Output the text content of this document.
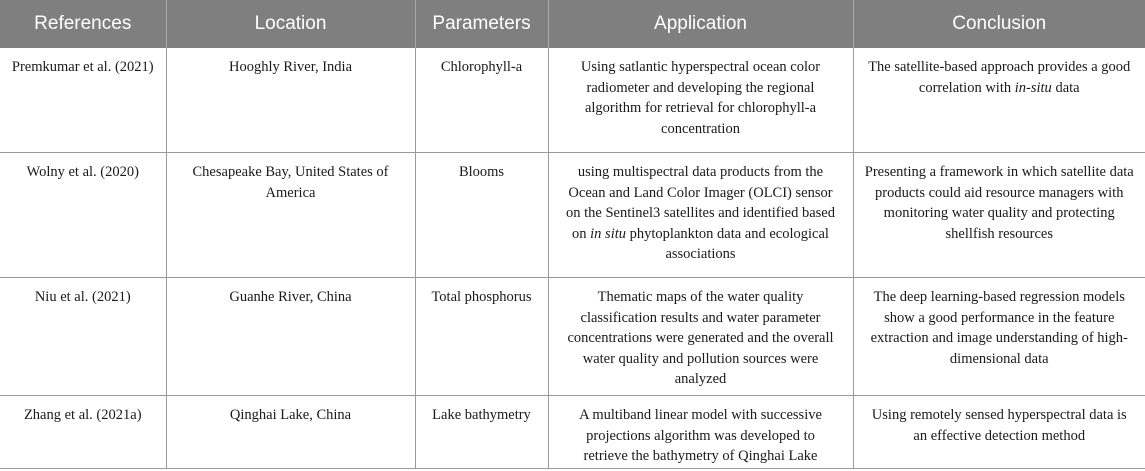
References	Location	Parameters	Application	Conclusion
Premkumar et al. (2021)	Hooghly River, India	Chlorophyll-a	Using satlantic hyperspectral ocean color radiometer and developing the regional algorithm for retrieval for chlorophyll-a concentration	The satellite-based approach provides a good correlation with in-situ data
Wolny et al. (2020)	Chesapeake Bay, United States of America	Blooms	using multispectral data products from the Ocean and Land Color Imager (OLCI) sensor on the Sentinel3 satellites and identified based on in situ phytoplankton data and ecological associations	Presenting a framework in which satellite data products could aid resource managers with monitoring water quality and protecting shellfish resources
Niu et al. (2021)	Guanhe River, China	Total phosphorus	Thematic maps of the water quality classification results and water parameter concentrations were generated and the overall water quality and pollution sources were analyzed	The deep learning-based regression models show a good performance in the feature extraction and image understanding of high-dimensional data
Zhang et al. (2021a)	Qinghai Lake, China	Lake bathymetry	A multiband linear model with successive projections algorithm was developed to retrieve the bathymetry of Qinghai Lake	Using remotely sensed hyperspectral data is an effective detection method
